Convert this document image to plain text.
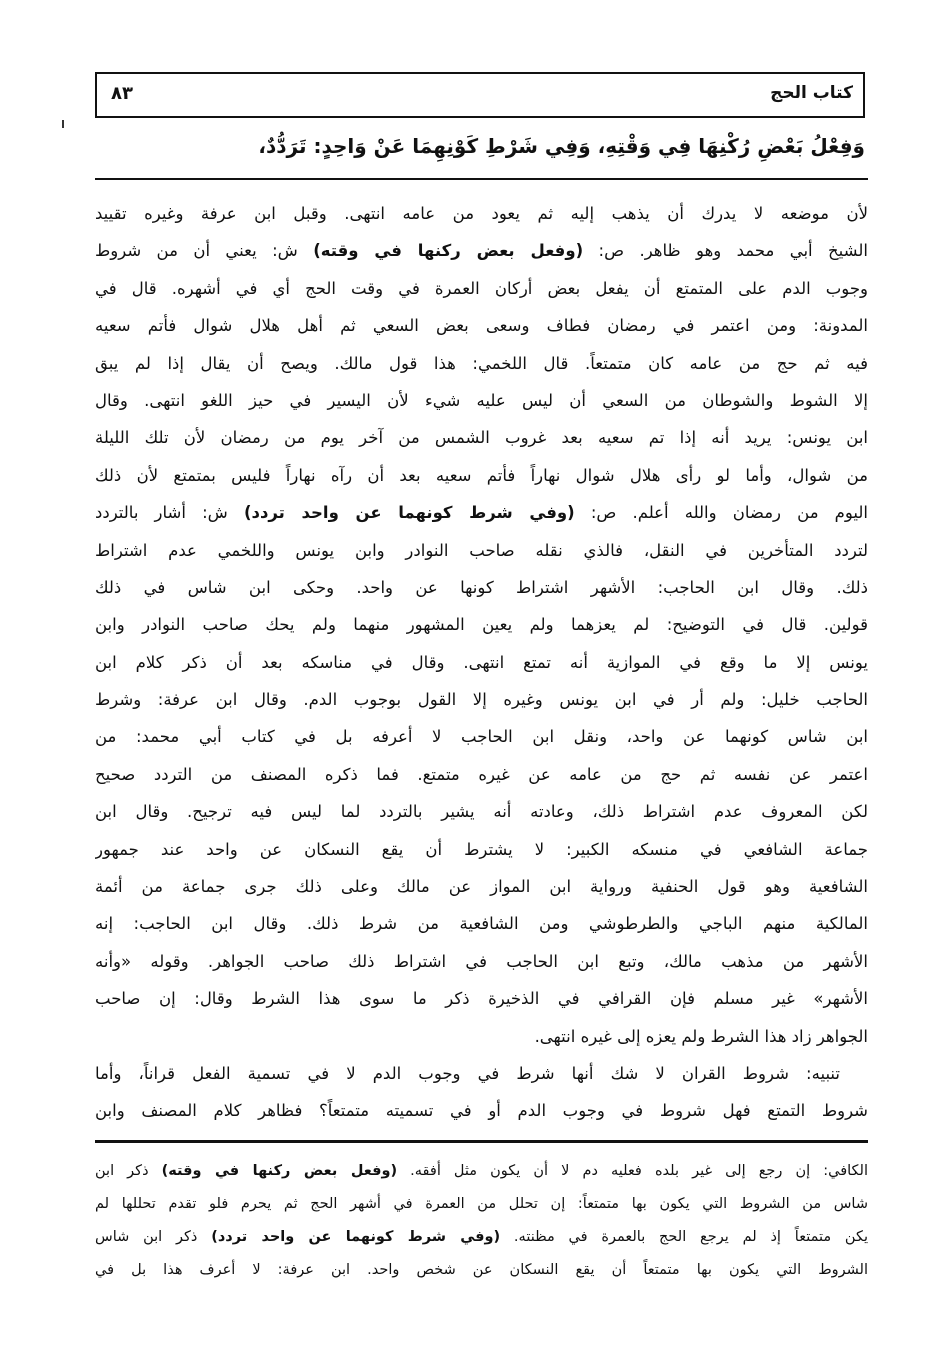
كتاب الحج
٨٣
وَفِعْلُ بَعْضِ رُكْنِهَا فِي وَقْتِهِ، وَفِي شَرْطِ كَوْنِهِمَا عَنْ وَاحِدٍ: تَرَدُّدٌ،
لأن موضعه لا يدرك أن يذهب إليه ثم يعود من عامه انتهى. وقبل ابن عرفة وغيره تقييد
الشيخ أبي محمد وهو ظاهر. ص: (وفعل بعض ركنها في وقته) ش: يعني أن من شروط
وجوب الدم على المتمتع أن يفعل بعض أركان العمرة في وقت الحج أي في أشهره. قال في
المدونة: ومن اعتمر في رمضان فطاف وسعى بعض السعي ثم أهل هلال شوال فأتم سعيه
فيه ثم حج من عامه كان متمتعاً. قال اللخمي: هذا قول مالك. ويصح أن يقال إذا لم يبق
إلا الشوط والشوطان من السعي أن ليس عليه شيء لأن اليسير في حيز اللغو انتهى. وقال
ابن يونس: يريد أنه إذا تم سعيه بعد غروب الشمس من آخر يوم من رمضان لأن تلك الليلة
من شوال، وأما لو رأى هلال شوال نهاراً فأتم سعيه بعد أن رآه نهاراً فليس بمتمتع لأن ذلك
اليوم من رمضان والله أعلم. ص: (وفي شرط كونهما عن واحد تردد) ش: أشار بالتردد
لتردد المتأخرين في النقل، فالذي نقله صاحب النوادر وابن يونس واللخمي عدم اشتراط
ذلك. وقال ابن الحاجب: الأشهر اشتراط كونها عن واحد. وحكى ابن شاس في ذلك
قولين. قال في التوضيح: لم يعزهما ولم يعين المشهور منهما ولم يحك صاحب النوادر وابن
يونس إلا ما وقع في الموازية أنه تمتع انتهى. وقال في مناسكه بعد أن ذكر كلام ابن
الحاجب خليل: ولم أر في ابن يونس وغيره إلا القول بوجوب الدم. وقال ابن عرفة: وشرط
ابن شاس كونهما عن واحد، ونقل ابن الحاجب لا أعرفه بل في كتاب أبي محمد: من
اعتمر عن نفسه ثم حج من عامه عن غيره متمتع. فما ذكره المصنف من التردد صحيح
لكن المعروف عدم اشتراط ذلك، وعادته أنه يشير بالتردد لما ليس فيه ترجيح. وقال ابن
جماعة الشافعي في منسكه الكبير: لا يشترط أن يقع النسكان عن واحد عند جمهور
الشافعية وهو قول الحنفية ورواية ابن المواز عن مالك وعلى ذلك جرى جماعة من أئمة
المالكية منهم الباجي والطرطوشي ومن الشافعية من شرط ذلك. وقال ابن الحاجب: إنه
الأشهر من مذهب مالك، وتبع ابن الحاجب في اشتراط ذلك صاحب الجواهر. وقوله «وأنه
الأشهر» غير مسلم فإن القرافي في الذخيرة ذكر ما سوى هذا الشرط وقال: إن صاحب
الجواهر زاد هذا الشرط ولم يعزه إلى غيره انتهى.
تنبيه: شروط القران لا شك أنها شرط في وجوب الدم لا في تسمية الفعل قراناً، وأما
شروط التمتع فهل شروط في وجوب الدم أو في تسميته متمتعاً؟ فظاهر كلام المصنف وابن
الكافي: إن رجع إلى غير بلده فعليه دم لا أن يكون مثل أفقه. (وفعل بعض ركنها في وقته) ذكر ابن
شاس من الشروط التي يكون بها متمتعاً: إن تحلل من العمرة في أشهر الحج ثم يحرم فلو تقدم تحللها لم
يكن متمتعاً إذ لم يرجع الحج بالعمرة في مظنته. (وفي شرط كونهما عن واحد تردد) ذكر ابن شاس
الشروط التي يكون بها متمتعاً أن يقع النسكان عن شخص واحد. ابن عرفة: لا أعرف هذا بل في
